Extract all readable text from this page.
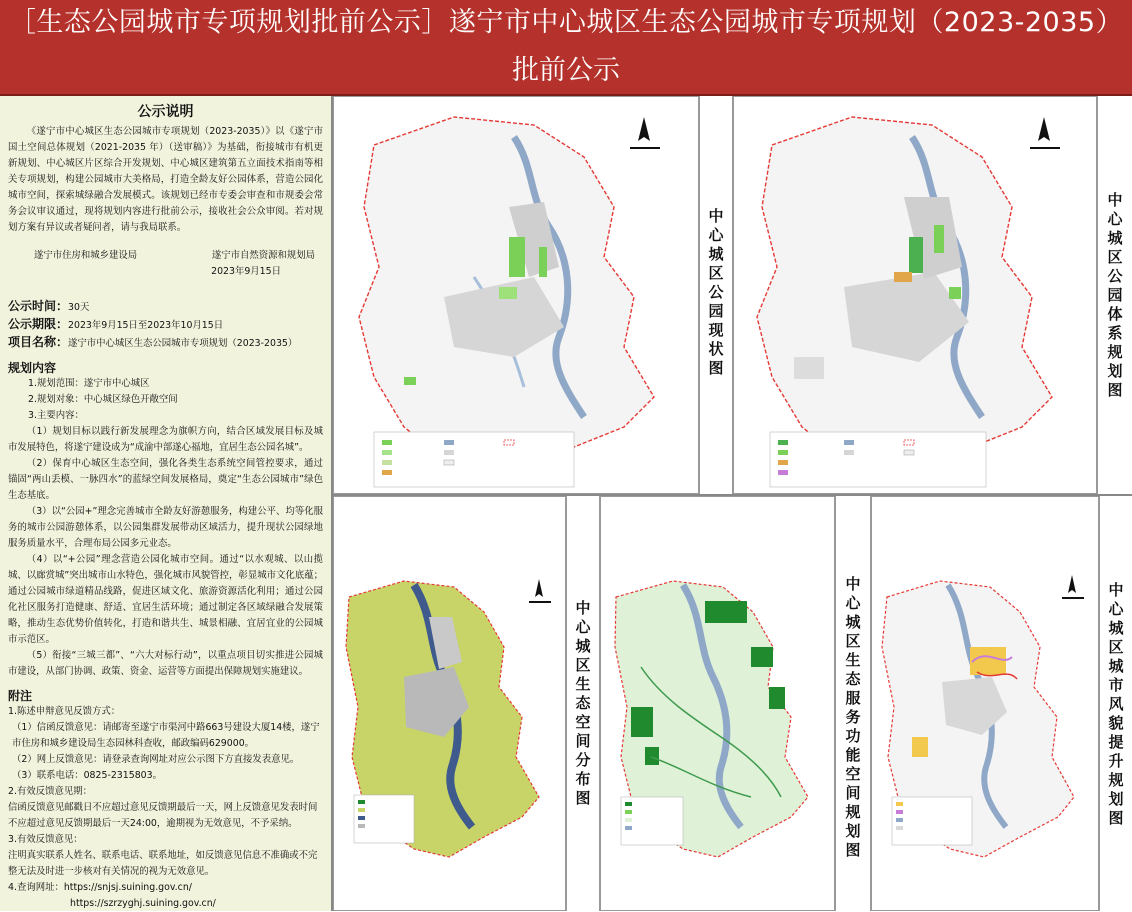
［生态公园城市专项规划批前公示］遂宁市中心城区生态公园城市专项规划（2023-2035）
批前公示
公示说明

《遂宁市中心城区生态公园城市专项规划（2023-2035）》以《遂宁市国土空间总体规划（2021-2035 年）（送审稿）》为基础，衔接城市有机更新规划、中心城区片区综合开发规划、中心城区建筑第五立面技术指南等相关专项规划，构建公园城市大美格局，打造全龄友好公园体系，营造公园化城市空间，探索城绿融合发展模式。该规划已经市专委会审查和市规委会常务会议审议通过，现将规划内容进行批前公示，接收社会公众审阅。若对规划方案有异议或者疑问者，请与我局联系。

遂宁市住房和城乡建设局	遂宁市自然资源和规划局
2023年9月15日
公示时间：30天
公示期限：2023年9月15日至2023年10月15日
项目名称：遂宁市中心城区生态公园城市专项规划（2023-2035）
规划内容
1.规划范围：遂宁市中心城区
2.规划对象：中心城区绿色开敞空间
3.主要内容：

（1）规划目标以践行新发展理念为旗帜方向，结合区域发展目标及城市发展特色，将遂宁建设成为“成渝中部遂心福地，宜居生态公园名城”。

（2）保育中心城区生态空间，强化各类生态系统空间管控要求，通过锚固“两山丢模、一脉四水”的蓝绿空间发展格局，奠定“生态公园城市”绿色生态基底。

（3）以“公园+”理念完善城市全龄友好游憩服务，构建公平、均等化服务的城市公园游憩体系，以公园集群发展带动区域活力，提升现状公园绿地服务质量水平，合理布局公园多元业态。

（4）以“+公园”理念营造公园化城市空间。通过“以水观城、以山揽城、以廊赏城”突出城市山水特色，强化城市风貌管控，彰显城市文化底蕴；通过公园城市绿道精品线路，促进区域文化、旅游资源活化利用；通过公园化社区服务打造健康、舒适、宜居生活环境；通过制定各区域绿融合发展策略，推动生态优势价值转化，打造和谐共生、城景相融、宜居宜业的公园城市示范区。

（5）衔接“三城三都”、“六大对标行动”，以重点项目切实推进公园城市建设，从部门协调、政策、资金、运营等方面提出保障规划实施建议。

附注
1.陈述申辩意见反馈方式：
（1）信函反馈意见：请邮寄至遂宁市渠河中路663号建设大厦14楼，遂宁市住房和城乡建设局生态园林科查收，邮政编码629000。
（2）网上反馈意见：请登录查询网址对应公示图下方直接发表意见。
（3）联系电话：0825-2315803。
2.有效反馈意见期：
信函反馈意见邮戳日不应超过意见反馈期最后一天，网上反馈意见发表时间不应超过意见反馈期最后一天24:00，逾期视为无效意见，不予采纳。
3.有效反馈意见：
注明真实联系人姓名、联系电话、联系地址，如反馈意见信息不准确或不完整无法及时进一步核对有关情况的视为无效意见。
4.查询网址：https://snjsj.suining.gov.cn/
https://szrzyghj.suining.gov.cn/
中心城区公园现状图	中心城区公园体系规划图
中心城区生态空间分布图	中心城区生态服务功能空间规划图	中心城区城市风貌提升规划图
